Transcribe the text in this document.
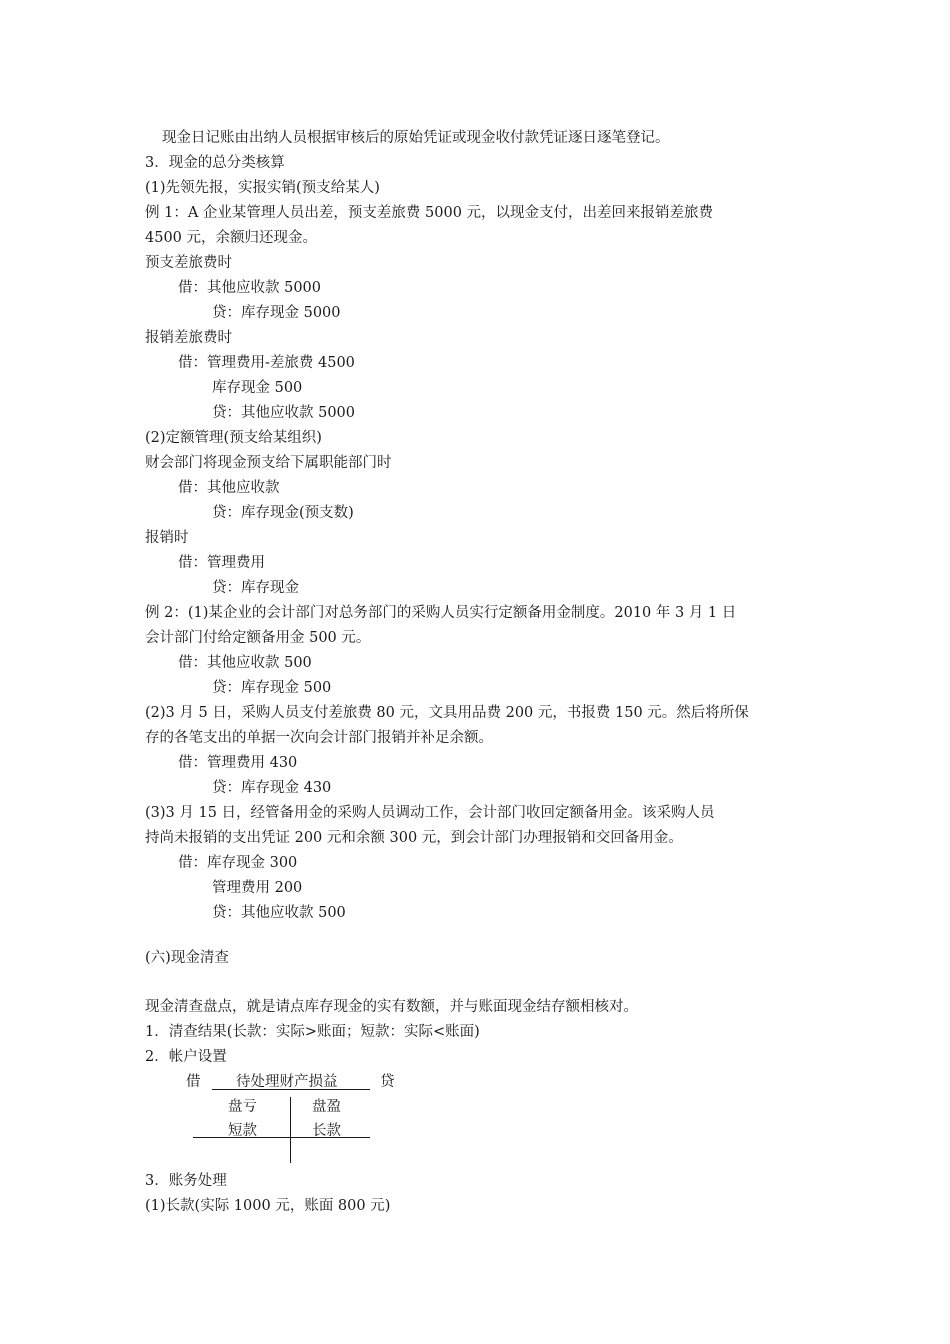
现金日记账由出纳人员根据审核后的原始凭证或现金收付款凭证逐日逐笔登记。
3．现金的总分类核算
(1)先领先报，实报实销(预支给某人)
例 1：A 企业某管理人员出差，预支差旅费 5000 元，以现金支付，出差回来报销差旅费
4500 元，余额归还现金。
预支差旅费时
借：其他应收款 5000
贷：库存现金 5000
报销差旅费时
借：管理费用-差旅费 4500
库存现金 500
贷：其他应收款 5000
(2)定额管理(预支给某组织)
财会部门将现金预支给下属职能部门时
借：其他应收款
贷：库存现金(预支数)
报销时
借：管理费用
贷：库存现金
例 2：(1)某企业的会计部门对总务部门的采购人员实行定额备用金制度。2010 年 3 月 1 日
会计部门付给定额备用金 500 元。
借：其他应收款 500
贷：库存现金 500
(2)3 月 5 日，采购人员支付差旅费 80 元，文具用品费 200 元，书报费 150 元。然后将所保
存的各笔支出的单据一次向会计部门报销并补足余额。
借：管理费用 430
贷：库存现金 430
(3)3 月 15 日，经管备用金的采购人员调动工作，会计部门收回定额备用金。该采购人员
持尚未报销的支出凭证 200 元和余额 300 元，到会计部门办理报销和交回备用金。
借：库存现金 300
管理费用 200
贷：其他应收款 500
(六)现金清查
现金清查盘点，就是请点库存现金的实有数额，并与账面现金结存额相核对。
1．清查结果(长款：实际>账面；短款：实际<账面)
2．帐户设置
借 待处理财产损益	贷
盘亏	盘盈
短款	长款
3．账务处理
(1)长款(实际 1000 元，账面 800 元)
